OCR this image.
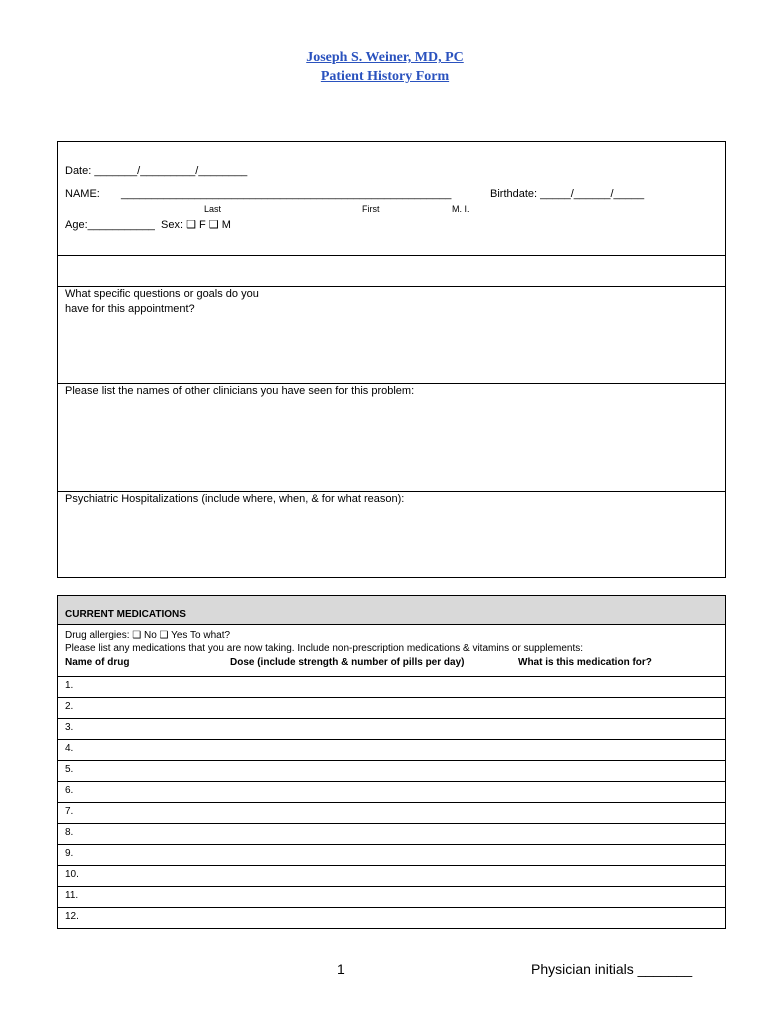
Joseph S. Weiner, MD, PC
Patient History Form
Date: _______/_________/________
NAME: ______________________________________________________	Birthdate: _____/______/_____
Last	First	M. I.
Age:___________  Sex: ❑ F ❑ M
What specific questions or goals do you
have for this appointment?
Please list the names of other clinicians you have seen for this problem:
Psychiatric Hospitalizations (include where, when, & for what reason):
CURRENT MEDICATIONS
Drug allergies: ❑ No ❑ Yes To what?
Please list any medications that you are now taking. Include non-prescription medications & vitamins or supplements:
Name of drug	Dose (include strength & number of pills per day)	What is this medication for?
1.
2.
3.
4.
5.
6.
7.
8.
9.
10.
11.
12.
1	Physician initials _______
